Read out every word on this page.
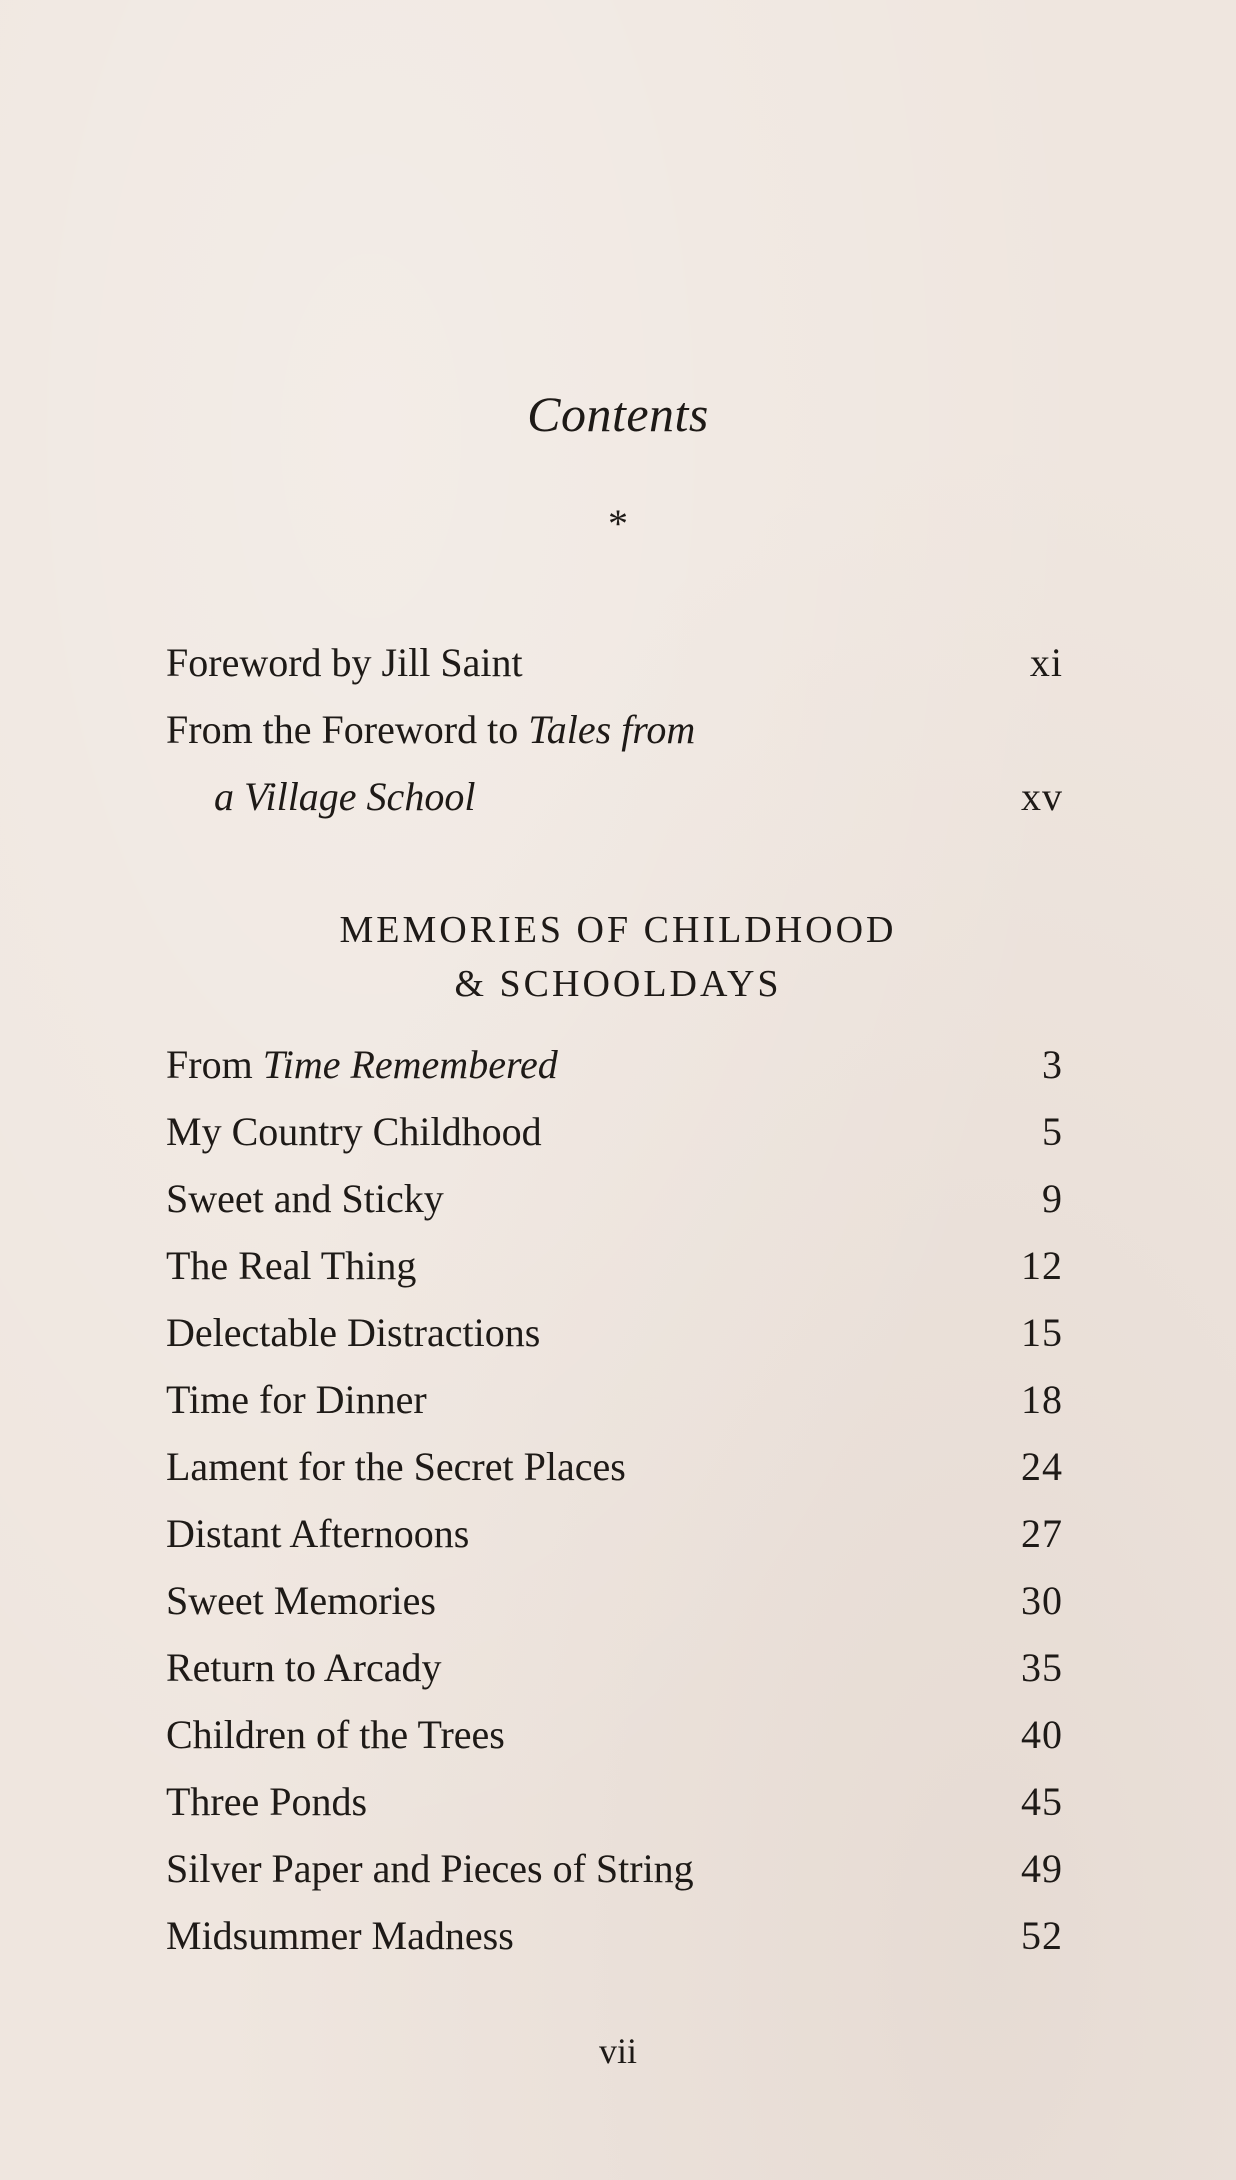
Contents
*
Foreword by Jill Saint	xi
From the Foreword to Tales from
a Village School	xv
MEMORIES OF CHILDHOOD
& SCHOOLDAYS
From Time Remembered	3
My Country Childhood	5
Sweet and Sticky	9
The Real Thing	12
Delectable Distractions	15
Time for Dinner	18
Lament for the Secret Places	24
Distant Afternoons	27
Sweet Memories	30
Return to Arcady	35
Children of the Trees	40
Three Ponds	45
Silver Paper and Pieces of String	49
Midsummer Madness	52
vii
